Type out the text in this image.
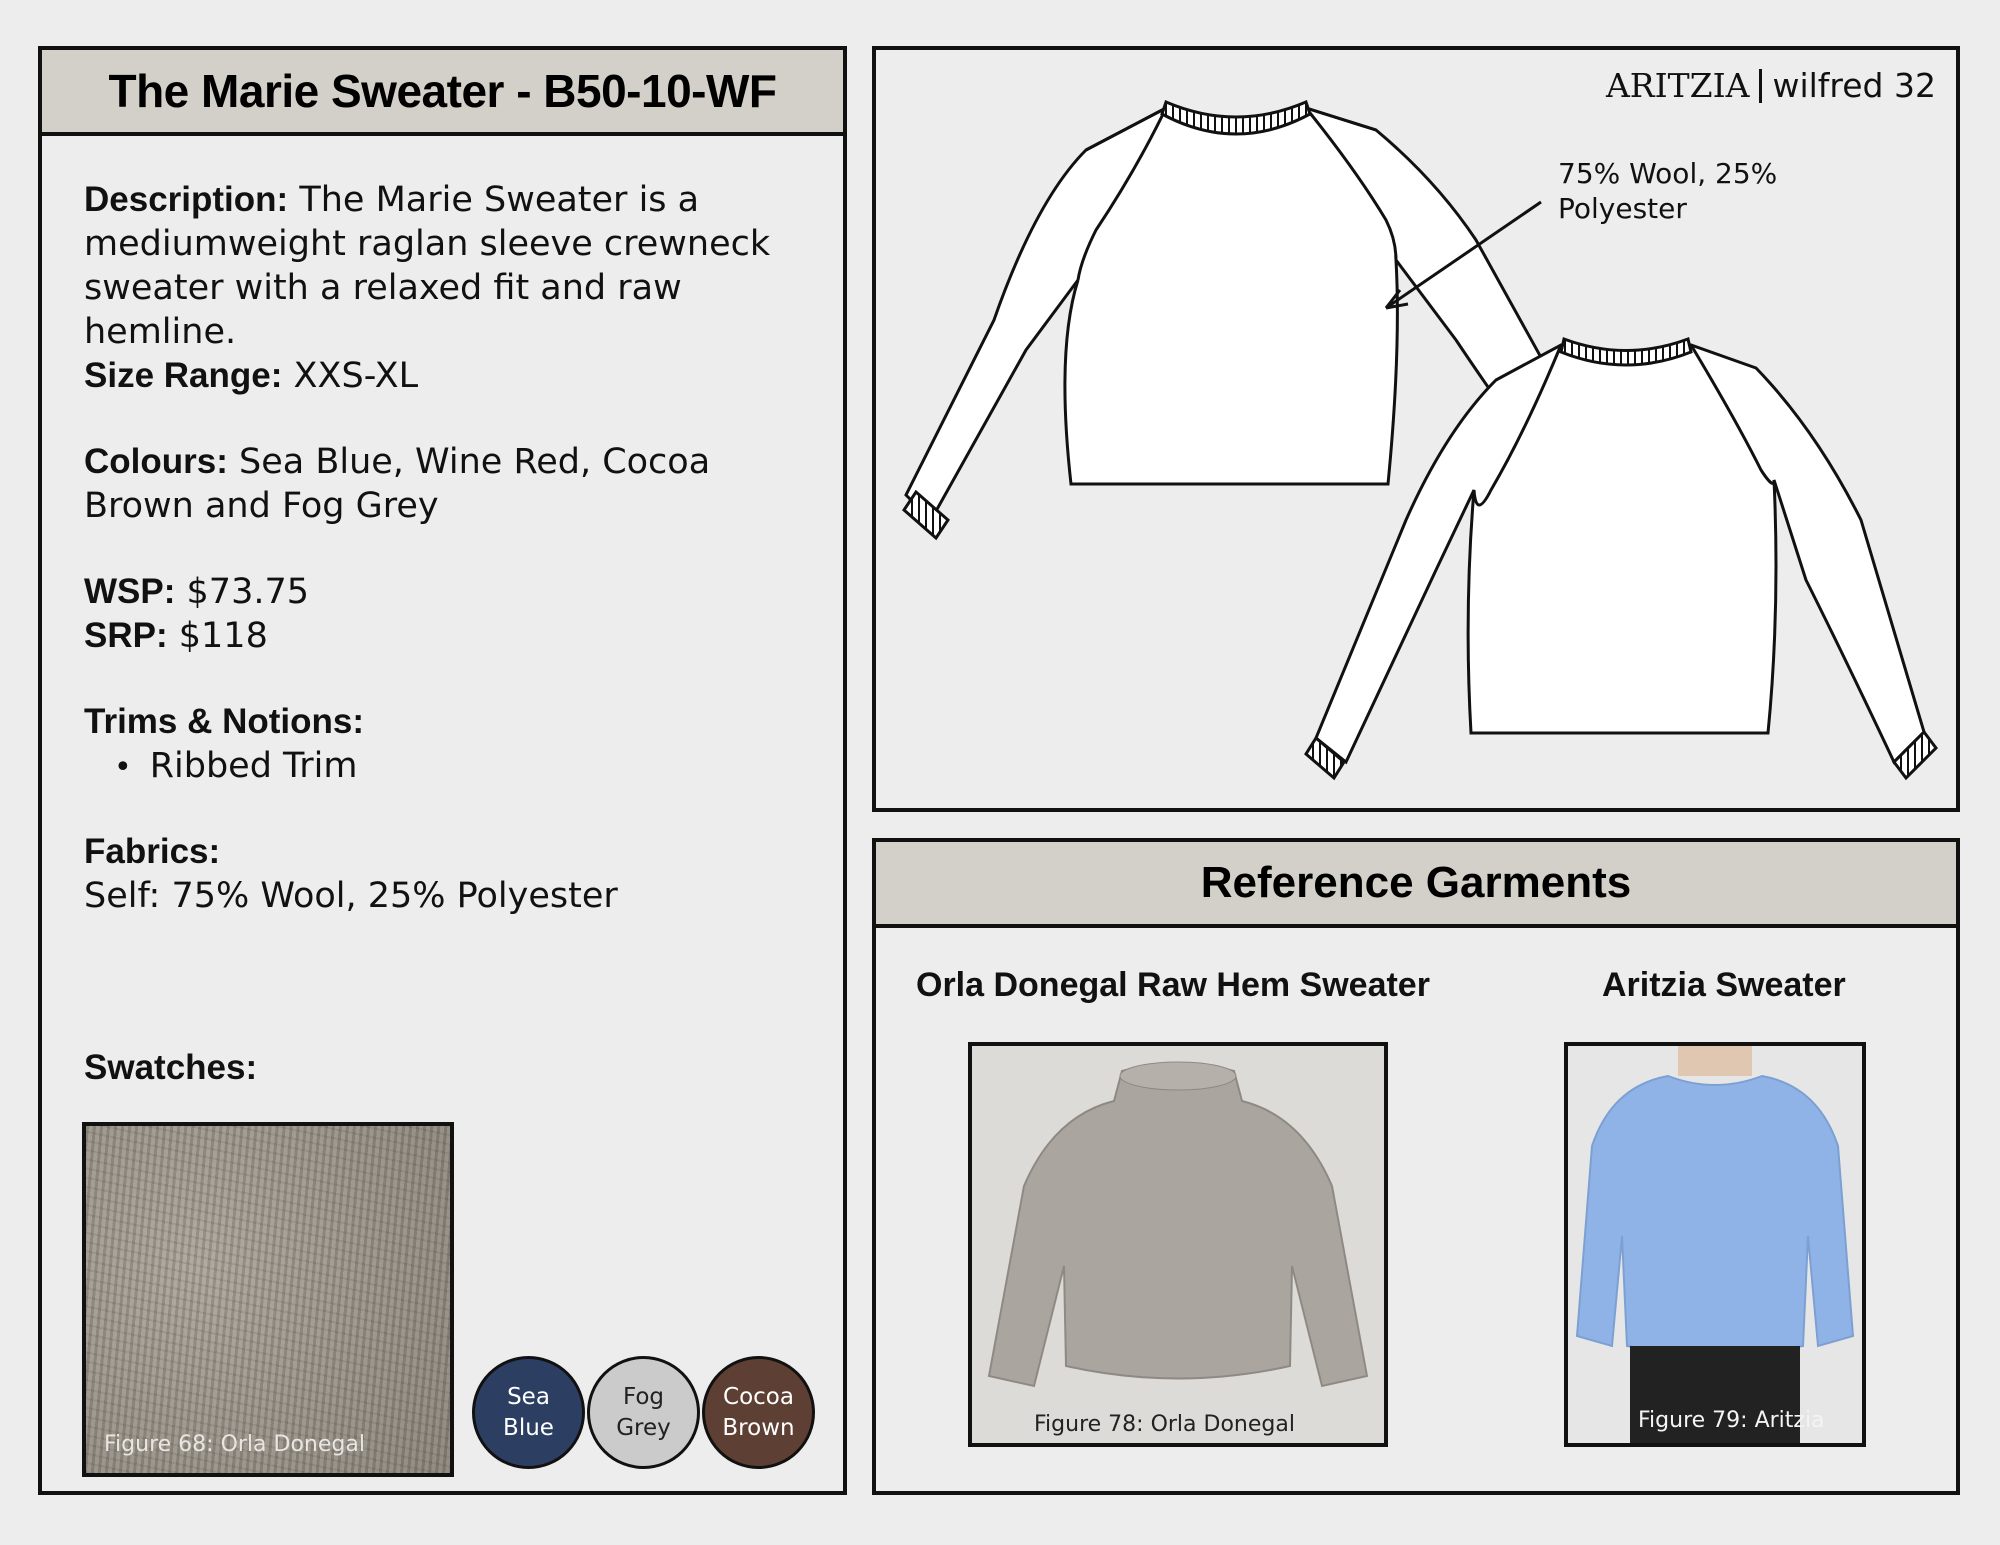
The Marie Sweater - B50-10-WF
Description: The Marie Sweater is a mediumweight raglan sleeve crewneck sweater with a relaxed fit and raw hemline.
Size Range: XXS-XL
Colours: Sea Blue, Wine Red, Cocoa Brown and Fog Grey
WSP: $73.75
SRP: $118
Trims & Notions:
• Ribbed Trim
Fabrics:
Self: 75% Wool, 25% Polyester
Swatches:
Figure 68: Orla Donegal
Sea
Blue
Fog
Grey
Cocoa
Brown
ARITZIA wilfred 32
75% Wool, 25%
Polyester
Reference Garments
Orla Donegal Raw Hem Sweater	Aritzia Sweater
Figure 78: Orla Donegal	Figure 79: Aritzia
